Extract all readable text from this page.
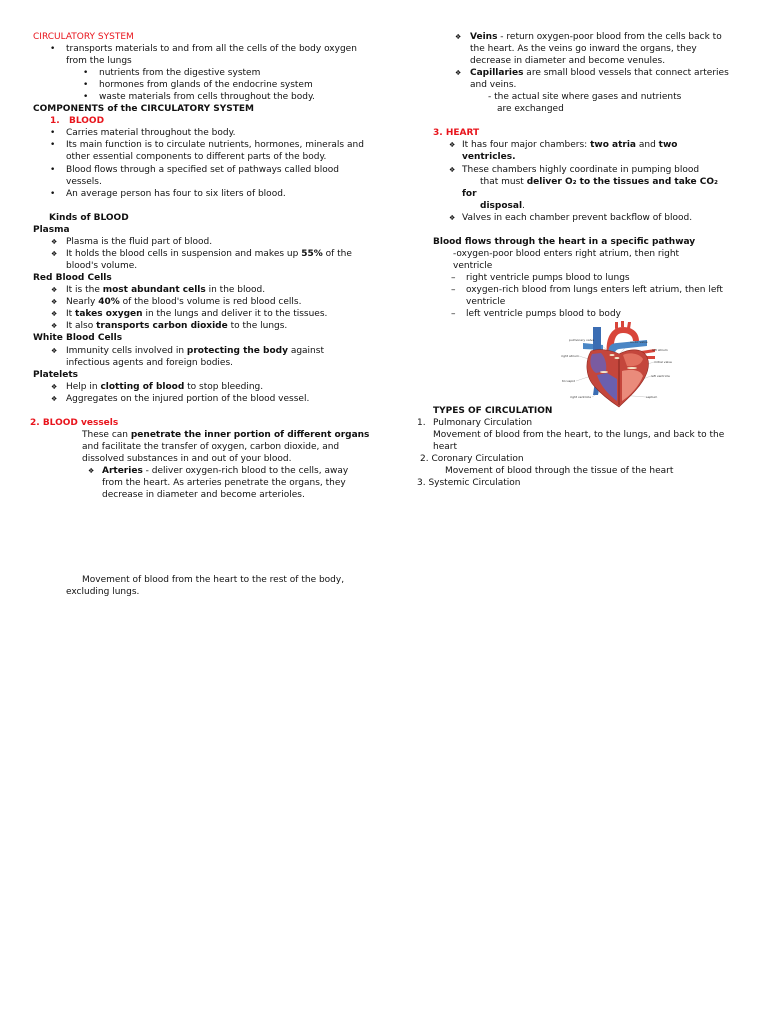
CIRCULATORY SYSTEM
• transports materials to and from all the cells of the body oxygen from the lungs
• nutrients from the digestive system
• hormones from glands of the endocrine system
• waste materials from cells throughout the body.
COMPONENTS of the CIRCULATORY SYSTEM
1. BLOOD
• Carries material throughout the body.
• Its main function is to circulate nutrients, hormones, minerals and other essential components to different parts of the body.
• Blood flows through a specified set of pathways called blood vessels.
• An average person has four to six liters of blood.
Kinds of BLOOD
Plasma
❖ Plasma is the fluid part of blood.
❖ It holds the blood cells in suspension and makes up 55% of the blood's volume.
Red Blood Cells
❖ It is the most abundant cells in the blood.
❖ Nearly 40% of the blood's volume is red blood cells.
❖ It takes oxygen in the lungs and deliver it to the tissues.
❖ It also transports carbon dioxide to the lungs.
White Blood Cells
❖ Immunity cells involved in protecting the body against infectious agents and foreign bodies.
Platelets
❖ Help in clotting of blood to stop bleeding.
❖ Aggregates on the injured portion of the blood vessel.
2. BLOOD vessels
These can penetrate the inner portion of different organs and facilitate the transfer of oxygen, carbon dioxide, and dissolved substances in and out of your blood.
❖ Arteries - deliver oxygen-rich blood to the cells, away from the heart. As arteries penetrate the organs, they decrease in diameter and become arterioles.
Movement of blood from the heart to the rest of the body, excluding lungs.
❖ Veins - return oxygen-poor blood from the cells back to the heart. As the veins go inward the organs, they decrease in diameter and become venules.
❖ Capillaries are small blood vessels that connect arteries and veins.
- the actual site where gases and nutrients
are exchanged
3. HEART
❖ It has four major chambers: two atria and two ventricles.
❖ These chambers highly coordinate in pumping blood
that must deliver O₂ to the tissues and take CO₂
for
disposal.
❖ Valves in each chamber prevent backflow of blood.
Blood flows through the heart in a specific pathway
-oxygen-poor blood enters right atrium, then right ventricle
– right ventricle pumps blood to lungs
– oxygen-rich blood from lungs enters left atrium, then left ventricle
– left ventricle pumps blood to body
pulmonary valve	aortic valve
left atrium
right atrium
mitral valve
tricuspid
left ventricle
right ventricle	septum
TYPES OF CIRCULATION
1. Pulmonary Circulation
Movement of blood from the heart, to the lungs, and back to the heart
2. Coronary Circulation
Movement of blood through the tissue of the heart
3. Systemic Circulation
